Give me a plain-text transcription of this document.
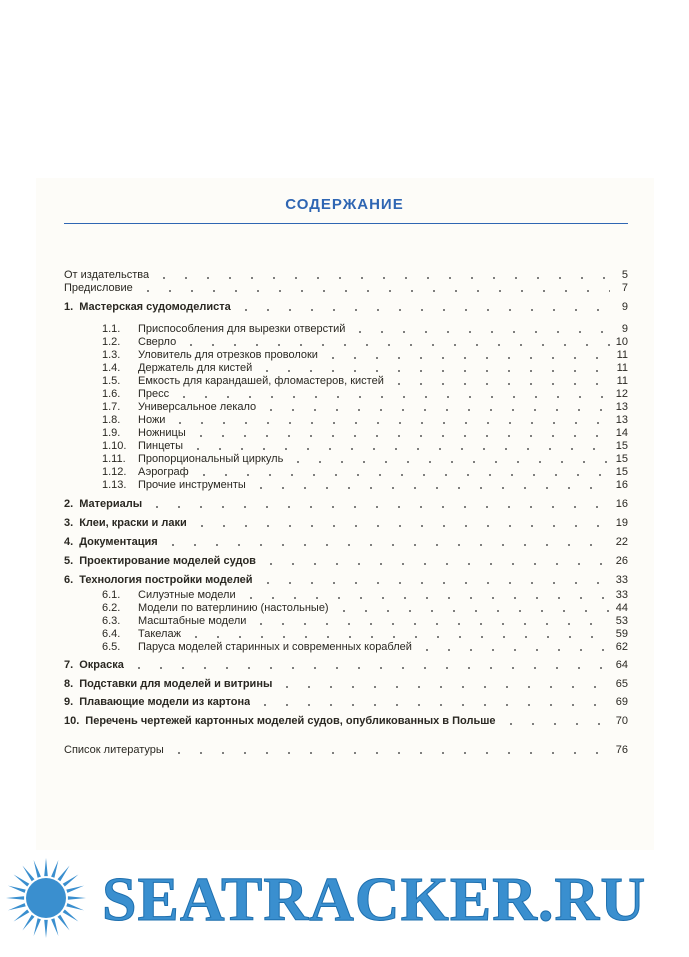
СОДЕРЖАНИЕ
От издательства	5
Предисловие	7
1. Мастерская судомоделиста	9
1.1.	Приспособления для вырезки отверстий	9
1.2.	Сверло	10
1.3.	Уловитель для отрезков проволоки	11
1.4.	Держатель для кистей	11
1.5.	Емкость для карандашей, фломастеров, кистей	11
1.6.	Пресс	12
1.7.	Универсальное лекало	13
1.8.	Ножи	13
1.9.	Ножницы	14
1.10.	Пинцеты	15
1.11.	Пропорциональный циркуль	15
1.12.	Аэрограф	15
1.13.	Прочие инструменты	16
2. Материалы	16
3. Клеи, краски и лаки	19
4. Документация	22
5. Проектирование моделей судов	26
6. Технология постройки моделей	33
6.1.	Силуэтные модели	33
6.2.	Модели по ватерлинию (настольные)	44
6.3.	Масштабные модели	53
6.4.	Такелаж	59
6.5.	Паруса моделей старинных и современных кораблей	62
7. Окраска	64
8. Подставки для моделей и витрины	65
9. Плавающие модели из картона	69
10. Перечень чертежей картонных моделей судов, опубликованных в Польше	70
Список литературы	76
SEATRACKER.RU
